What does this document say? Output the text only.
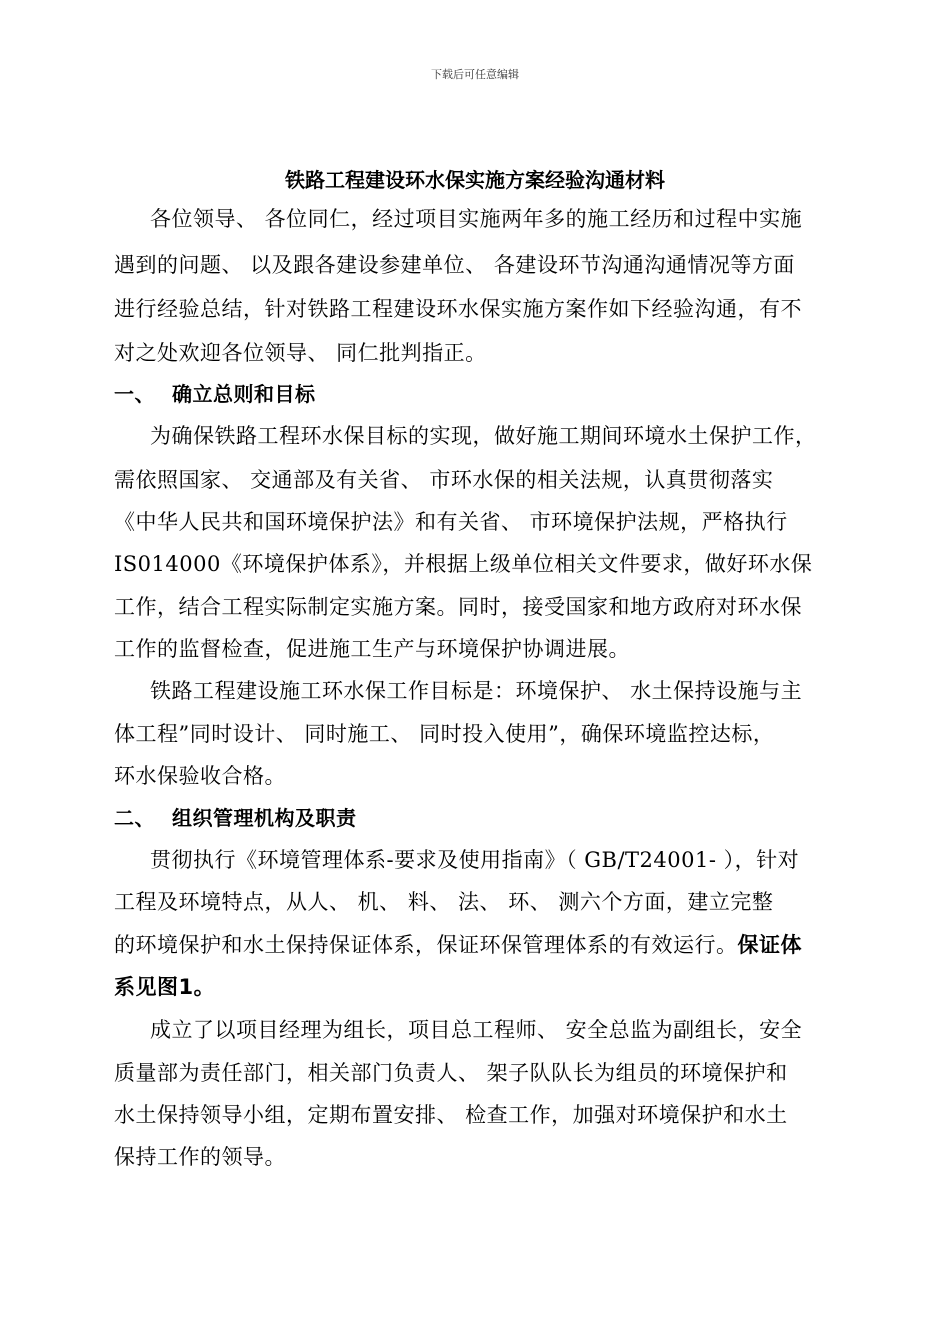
下载后可任意编辑
铁路工程建设环水保实施方案经验沟通材料
各位领导、 各位同仁，经过项目实施两年多的施工经历和过程中实施
遇到的问题、 以及跟各建设参建单位、 各建设环节沟通沟通情况等方面
进行经验总结，针对铁路工程建设环水保实施方案作如下经验沟通，有不
对之处欢迎各位领导、 同仁批判指正。
一、 确立总则和目标
为确保铁路工程环水保目标的实现，做好施工期间环境水土保护工作，
需依照国家、 交通部及有关省、 市环水保的相关法规，认真贯彻落实
《中华人民共和国环境保护法》和有关省、 市环境保护法规，严格执行
IS014000《环境保护体系》，并根据上级单位相关文件要求，做好环水保
工作，结合工程实际制定实施方案。同时，接受国家和地方政府对环水保
工作的监督检查，促进施工生产与环境保护协调进展。
铁路工程建设施工环水保工作目标是：环境保护、 水土保持设施与主
体工程”同时设计、 同时施工、 同时投入使用”，确保环境监控达标，
环水保验收合格。
二、 组织管理机构及职责
贯彻执行《环境管理体系-要求及使用指南》（ GB/T24001- ），针对
工程及环境特点，从人、 机、 料、 法、 环、 测六个方面，建立完整
的环境保护和水土保持保证体系，保证环保管理体系的有效运行。保证体
系见图1。
成立了以项目经理为组长，项目总工程师、 安全总监为副组长，安全
质量部为责任部门，相关部门负责人、 架子队队长为组员的环境保护和
水土保持领导小组，定期布置安排、 检查工作，加强对环境保护和水土
保持工作的领导。
